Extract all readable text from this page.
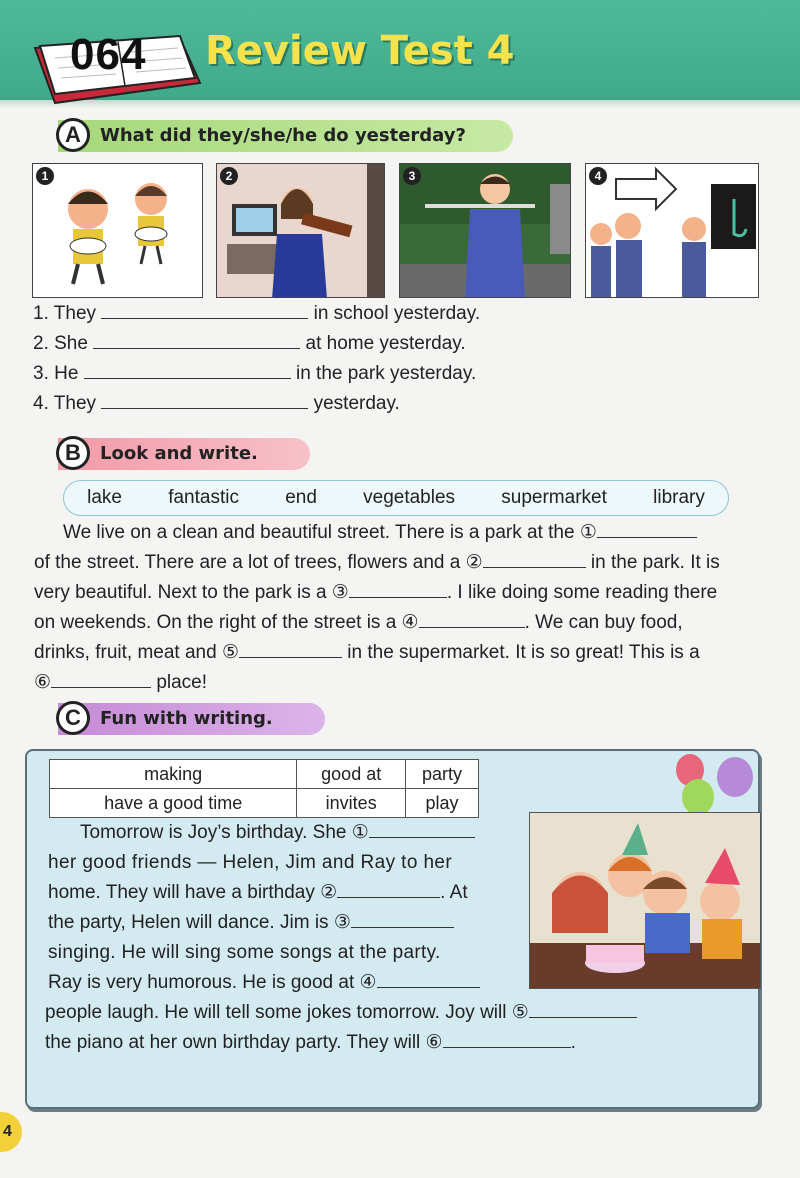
064 Review Test 4
A	What did they/she/he do yesterday?
1	2	3	4
1. They	in school yesterday.
2. She	at home yesterday.
3. He	in the park yesterday.
4. They	yesterday.
B	Look and write.
lake fantastic end vegetables supermarket library
We live on a clean and beautiful street. There is a park at the ①
of the street. There are a lot of trees, flowers and a ②	in the park. It is
very beautiful. Next to the park is a ③	. I like doing some reading there
on weekends. On the right of the street is a ④	. We can buy food,
drinks, fruit, meat and ⑤	in the supermarket. It is so great! This is a
⑥	place!
C	Fun with writing.
making	good at	party
have a good time	invites	play
Tomorrow is Joy’s birthday. She ①
her good friends — Helen, Jim and Ray to her
home. They will have a birthday ②	. At
the party, Helen will dance. Jim is ③
singing. He will sing some songs at the party.
Ray is very humorous. He is good at ④
people laugh. He will tell some jokes tomorrow. Joy will ⑤
the piano at her own birthday party. They will ⑥	.
4
